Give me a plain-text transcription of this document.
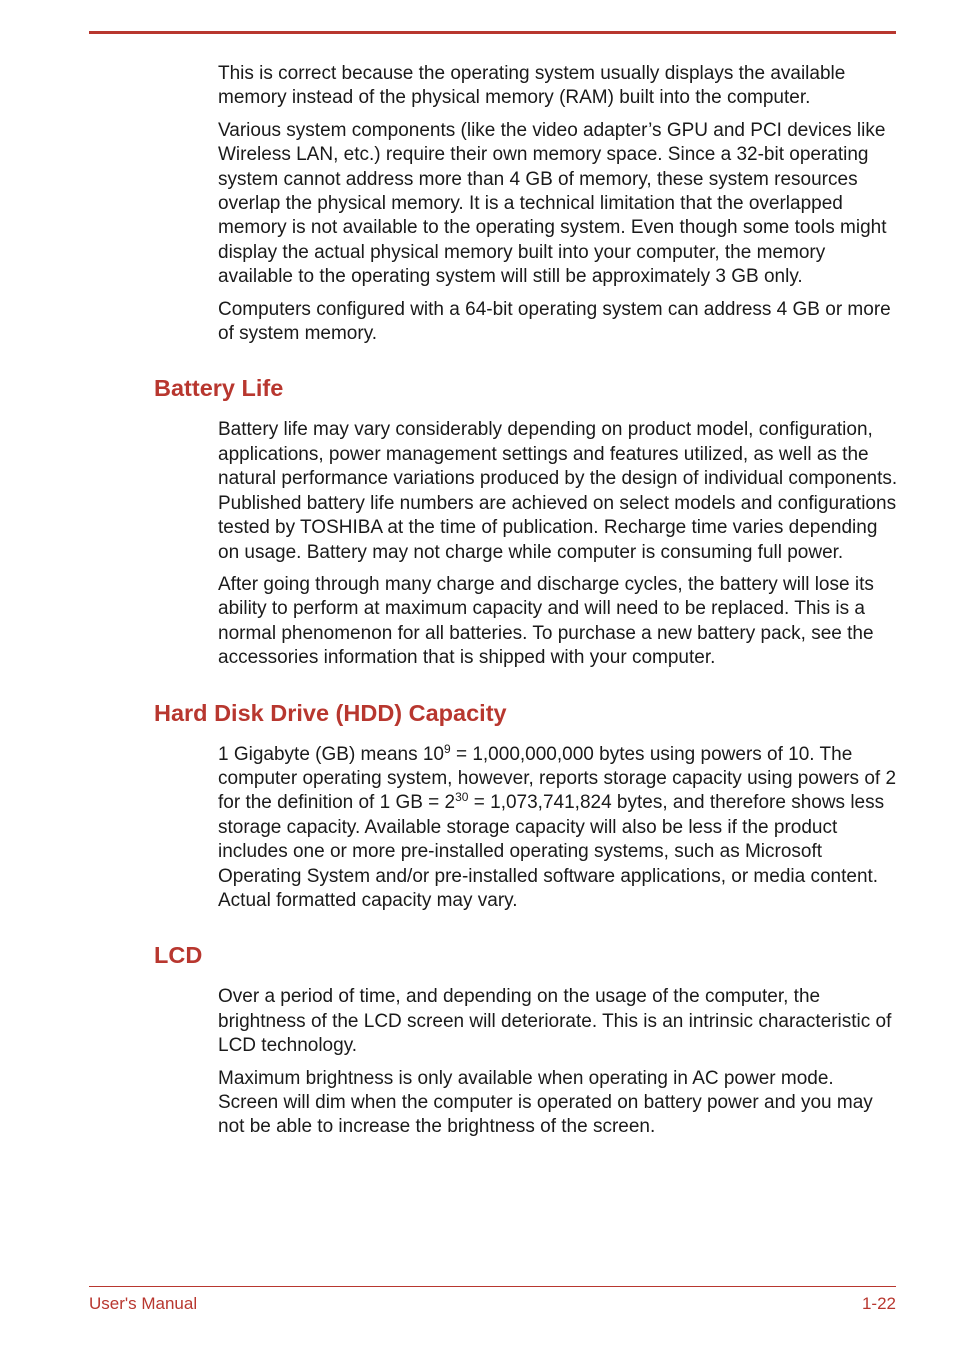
This is correct because the operating system usually displays the available memory instead of the physical memory (RAM) built into the computer.

Various system components (like the video adapter’s GPU and PCI devices like Wireless LAN, etc.) require their own memory space. Since a 32-bit operating system cannot address more than 4 GB of memory, these system resources overlap the physical memory. It is a technical limitation that the overlapped memory is not available to the operating system. Even though some tools might display the actual physical memory built into your computer, the memory available to the operating system will still be approximately 3 GB only.

Computers configured with a 64-bit operating system can address 4 GB or more of system memory.

Battery Life

Battery life may vary considerably depending on product model, configuration, applications, power management settings and features utilized, as well as the natural performance variations produced by the design of individual components. Published battery life numbers are achieved on select models and configurations tested by TOSHIBA at the time of publication. Recharge time varies depending on usage. Battery may not charge while computer is consuming full power.

After going through many charge and discharge cycles, the battery will lose its ability to perform at maximum capacity and will need to be replaced. This is a normal phenomenon for all batteries. To purchase a new battery pack, see the accessories information that is shipped with your computer.

Hard Disk Drive (HDD) Capacity

1 Gigabyte (GB) means $10^9 = 1,000,000,000$ bytes using powers of 10. The computer operating system, however, reports storage capacity using powers of 2 for the definition of 1 GB = $2^{30} = 1,073,741,824$ bytes, and therefore shows less storage capacity. Available storage capacity will also be less if the product includes one or more pre-installed operating systems, such as Microsoft Operating System and/or pre-installed software applications, or media content. Actual formatted capacity may vary.

LCD

Over a period of time, and depending on the usage of the computer, the brightness of the LCD screen will deteriorate. This is an intrinsic characteristic of LCD technology.

Maximum brightness is only available when operating in AC power mode. Screen will dim when the computer is operated on battery power and you may not be able to increase the brightness of the screen.

User's Manual	1-22
